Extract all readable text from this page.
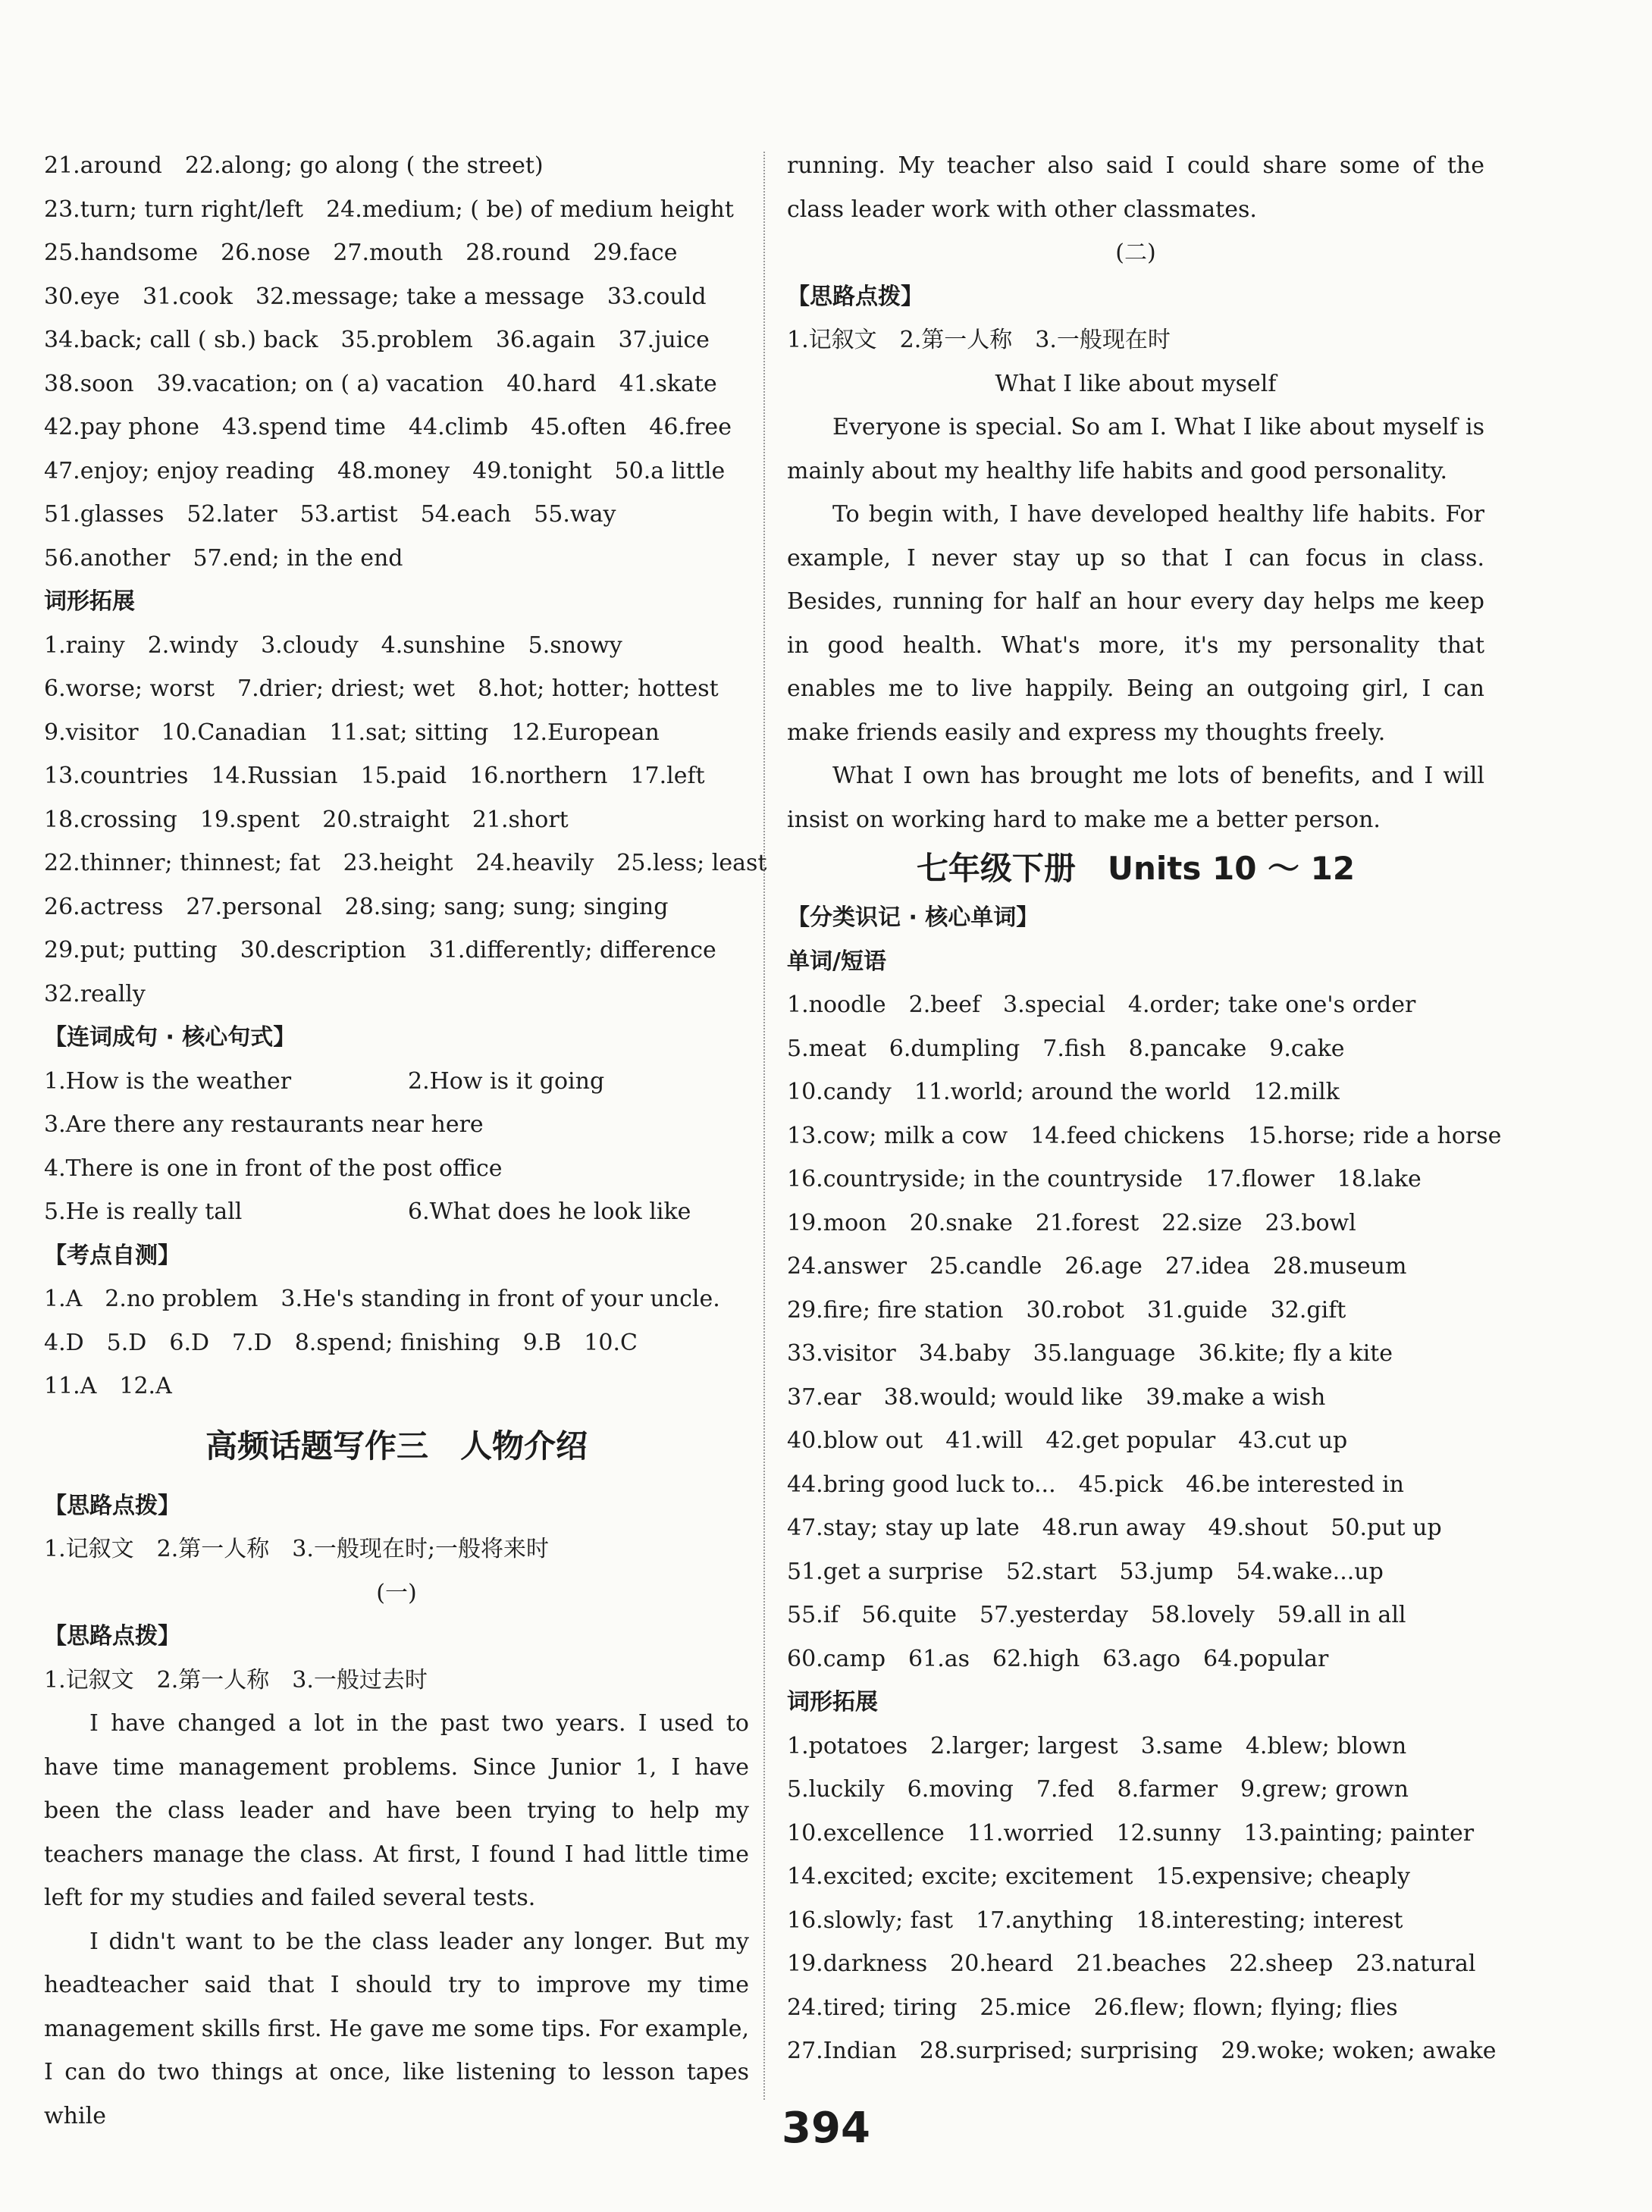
21.around　22.along; go along ( the street)
23.turn; turn right/left　24.medium; ( be) of medium height
25.handsome　26.nose　27.mouth　28.round　29.face
30.eye　31.cook　32.message; take a message　33.could
34.back; call ( sb.) back　35.problem　36.again　37.juice
38.soon　39.vacation; on ( a) vacation　40.hard　41.skate
42.pay phone　43.spend time　44.climb　45.often　46.free
47.enjoy; enjoy reading　48.money　49.tonight　50.a little
51.glasses　52.later　53.artist　54.each　55.way
56.another　57.end; in the end
词形拓展
1.rainy　2.windy　3.cloudy　4.sunshine　5.snowy
6.worse; worst　7.drier; driest; wet　8.hot; hotter; hottest
9.visitor　10.Canadian　11.sat; sitting　12.European
13.countries　14.Russian　15.paid　16.northern　17.left
18.crossing　19.spent　20.straight　21.short
22.thinner; thinnest; fat　23.height　24.heavily　25.less; least
26.actress　27.personal　28.sing; sang; sung; singing
29.put; putting　30.description　31.differently; difference
32.really
【连词成句 · 核心句式】
1.How is the weather	2.How is it going
3.Are there any restaurants near here
4.There is one in front of the post office
5.He is really tall	6.What does he look like
【考点自测】
1.A　2.no problem　3.He's standing in front of your uncle.
4.D　5.D　6.D　7.D　8.spend; finishing　9.B　10.C
11.A　12.A
高频话题写作三　人物介绍
【思路点拨】
1.记叙文　2.第一人称　3.一般现在时;一般将来时
(一)
【思路点拨】
1.记叙文　2.第一人称　3.一般过去时
I have changed a lot in the past two years. I used to have time management problems. Since Junior 1, I have been the class leader and have been trying to help my teachers manage the class. At first, I found I had little time left for my studies and failed several tests.
I didn't want to be the class leader any longer. But my headteacher said that I should try to improve my time management skills first. He gave me some tips. For example, I can do two things at once, like listening to lesson tapes while
running. My teacher also said I could share some of the class leader work with other classmates.
(二)
【思路点拨】
1.记叙文　2.第一人称　3.一般现在时
What I like about myself
Everyone is special. So am I. What I like about myself is mainly about my healthy life habits and good personality.
To begin with, I have developed healthy life habits. For example, I never stay up so that I can focus in class. Besides, running for half an hour every day helps me keep in good health. What's more, it's my personality that enables me to live happily. Being an outgoing girl, I can make friends easily and express my thoughts freely.
What I own has brought me lots of benefits, and I will insist on working hard to make me a better person.
七年级下册　Units 10 ～ 12
【分类识记 · 核心单词】
单词/短语
1.noodle　2.beef　3.special　4.order; take one's order
5.meat　6.dumpling　7.fish　8.pancake　9.cake
10.candy　11.world; around the world　12.milk
13.cow; milk a cow　14.feed chickens　15.horse; ride a horse
16.countryside; in the countryside　17.flower　18.lake
19.moon　20.snake　21.forest　22.size　23.bowl
24.answer　25.candle　26.age　27.idea　28.museum
29.fire; fire station　30.robot　31.guide　32.gift
33.visitor　34.baby　35.language　36.kite; fly a kite
37.ear　38.would; would like　39.make a wish
40.blow out　41.will　42.get popular　43.cut up
44.bring good luck to...　45.pick　46.be interested in
47.stay; stay up late　48.run away　49.shout　50.put up
51.get a surprise　52.start　53.jump　54.wake...up
55.if　56.quite　57.yesterday　58.lovely　59.all in all
60.camp　61.as　62.high　63.ago　64.popular
词形拓展
1.potatoes　2.larger; largest　3.same　4.blew; blown
5.luckily　6.moving　7.fed　8.farmer　9.grew; grown
10.excellence　11.worried　12.sunny　13.painting; painter
14.excited; excite; excitement　15.expensive; cheaply
16.slowly; fast　17.anything　18.interesting; interest
19.darkness　20.heard　21.beaches　22.sheep　23.natural
24.tired; tiring　25.mice　26.flew; flown; flying; flies
27.Indian　28.surprised; surprising　29.woke; woken; awake
394
